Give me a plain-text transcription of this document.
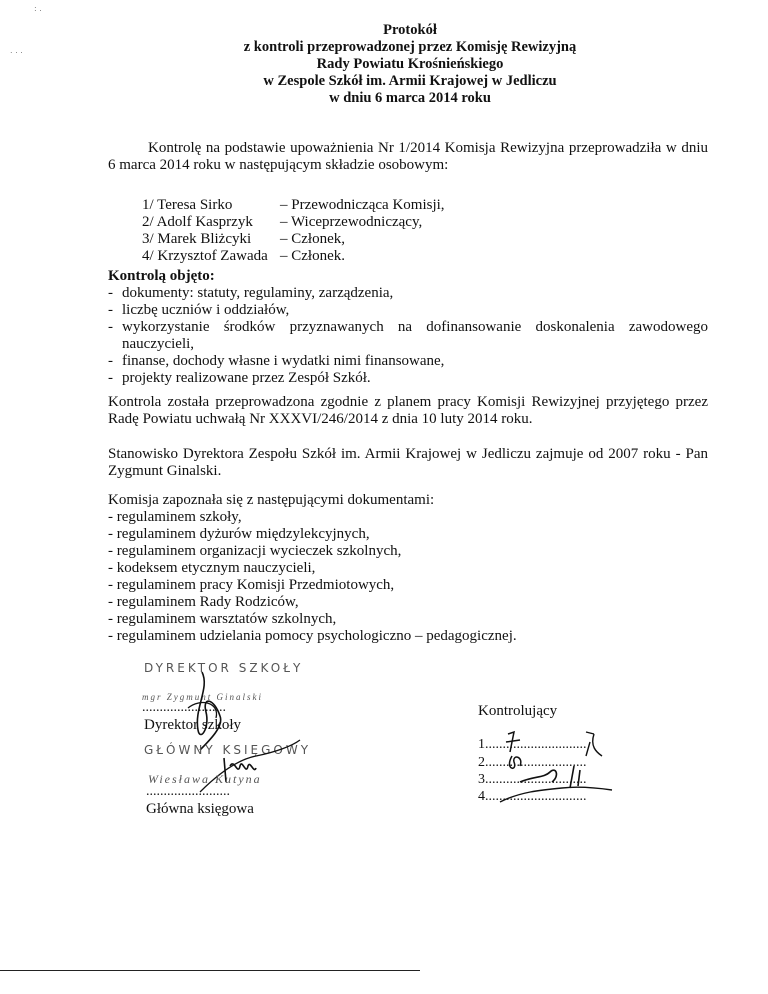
: .
. . .
Protokół
z kontroli przeprowadzonej przez Komisję Rewizyjną
Rady Powiatu Krośnieńskiego
w Zespole Szkół im. Armii Krajowej w Jedliczu
w dniu 6 marca 2014 roku
Kontrolę na podstawie upoważnienia Nr 1/2014 Komisja Rewizyjna przeprowadziła w dniu 6 marca 2014 roku w następującym składzie osobowym:
1/ Teresa Sirko	– Przewodnicząca Komisji,
2/ Adolf Kasprzyk	– Wiceprzewodniczący,
3/ Marek Bliżcyki	– Członek,
4/ Krzysztof Zawada – Członek.
Kontrolą objęto:
- dokumenty: statuty, regulaminy, zarządzenia,
- liczbę uczniów i oddziałów,
- wykorzystanie środków przyznawanych na dofinansowanie doskonalenia zawodowego nauczycieli,
- finanse, dochody własne i wydatki nimi finansowane,
- projekty realizowane przez Zespół Szkół.
Kontrola została przeprowadzona zgodnie z planem pracy Komisji Rewizyjnej przyjętego przez Radę Powiatu uchwałą Nr XXXVI/246/2014 z dnia 10 luty 2014 roku.
Stanowisko Dyrektora Zespołu Szkół im. Armii Krajowej w Jedliczu zajmuje od 2007 roku - Pan Zygmunt Ginalski.
Komisja zapoznała się z następującymi dokumentami:
- regulaminem szkoły,
- regulaminem dyżurów międzylekcyjnych,
- regulaminem organizacji wycieczek szkolnych,
- kodeksem etycznym nauczycieli,
- regulaminem pracy Komisji Przedmiotowych,
- regulaminem Rady Rodziców,
- regulaminem warsztatów szkolnych,
- regulaminem udzielania pomocy psychologiczno – pedagogicznej.
DYREKTOR SZKOŁY
mgr Zygmunt Ginalski
........................
Dyrektor szkoły
GŁÓWNY KSIĘGOWY
Wiesława Kutyna
........................
Główna księgowa
Kontrolujący
1.............................
2.............................
3.............................
4.............................
